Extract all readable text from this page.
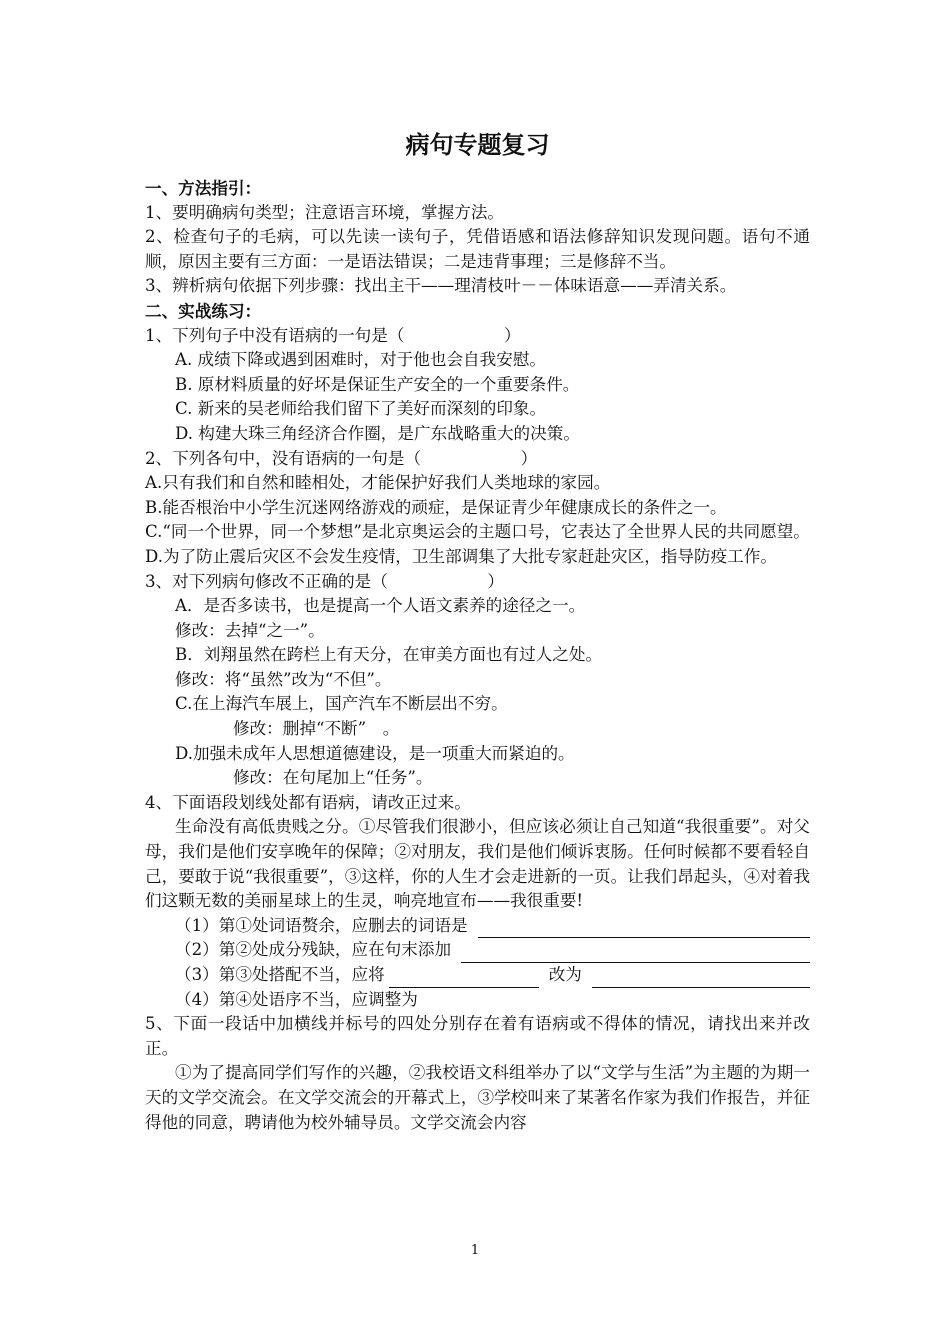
病句专题复习

一、方法指引：

1、要明确病句类型；注意语言环境，掌握方法。

2、检查句子的毛病，可以先读一读句子，凭借语感和语法修辞知识发现问题。语句不通顺，原因主要有三方面：一是语法错误；二是违背事理；三是修辞不当。

3、辨析病句依据下列步骤：找出主干——理清枝叶－－体味语意——弄清关系。

二、实战练习：

1、下列句子中没有语病的一句是（　　　　　　）

A. 成绩下降或遇到困难时，对于他也会自我安慰。

B. 原材料质量的好坏是保证生产安全的一个重要条件。

C. 新来的吴老师给我们留下了美好而深刻的印象。

D. 构建大珠三角经济合作圈，是广东战略重大的决策。

2、下列各句中，没有语病的一句是（　　　　　　）

A.只有我们和自然和睦相处，才能保护好我们人类地球的家园。

B.能否根治中小学生沉迷网络游戏的顽症，是保证青少年健康成长的条件之一。

C.“同一个世界，同一个梦想”是北京奥运会的主题口号，它表达了全世界人民的共同愿望。

D.为了防止震后灾区不会发生疫情，卫生部调集了大批专家赶赴灾区，指导防疫工作。

3、对下列病句修改不正确的是（　　　　　　）

A．是否多读书，也是提高一个人语文素养的途径之一。

修改：去掉“之一”。

B．刘翔虽然在跨栏上有天分，在审美方面也有过人之处。

修改：将“虽然”改为“不但”。

C.在上海汽车展上，国产汽车不断层出不穷。

修改：删掉“不断”　。

D.加强未成年人思想道德建设，是一项重大而紧迫的。

修改：在句尾加上“任务”。

4、下面语段划线处都有语病，请改正过来。

生命没有高低贵贱之分。①尽管我们很渺小，但应该必须让自己知道“我很重要”。对父母，我们是他们安享晚年的保障；②对朋友，我们是他们倾诉衷肠。任何时候都不要看轻自己，要敢于说“我很重要”，③这样，你的人生才会走进新的一页。让我们昂起头，④对着我们这颗无数的美丽星球上的生灵，响亮地宣布——我很重要!

（1）第①处词语赘余，应删去的词语是
（2）第②处成分残缺，应在句末添加
（3）第③处搭配不当，应将	改为

（4）第④处语序不当，应调整为

5、下面一段话中加横线并标号的四处分别存在着有语病或不得体的情况，请找出来并改正。

①为了提高同学们写作的兴趣，②我校语文科组举办了以“文学与生活”为主题的为期一天的文学交流会。在文学交流会的开幕式上，③学校叫来了某著名作家为我们作报告，并征得他的同意，聘请他为校外辅导员。文学交流会内容

1
